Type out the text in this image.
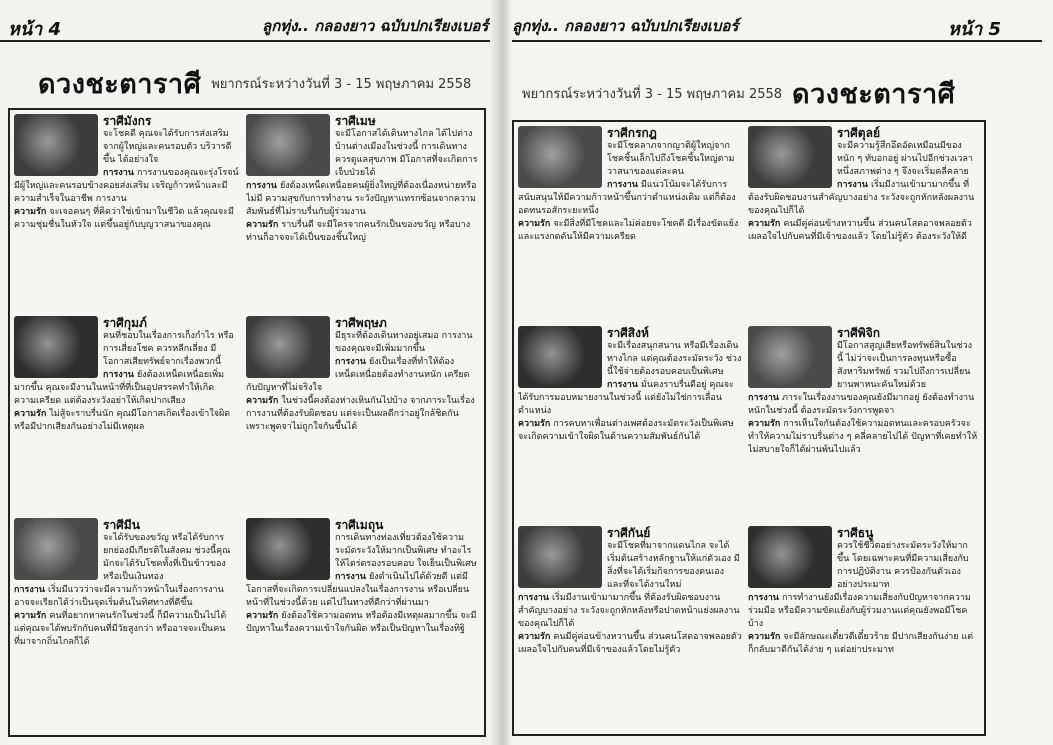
หน้า 4	ลูกทุ่ง.. กลองยาว ฉบับปกเรียงเบอร์
ดวงชะตาราศี พยากรณ์ระหว่างวันที่ 3 - 15 พฤษภาคม 2558
ราศีมังกร

จะโชคดี คุณจะได้รับการส่งเสริม จากผู้ใหญ่และคนรอบตัว บริวารดีขึ้น ได้อย่างใจ

การงาน การงานของคุณจะรุ่งโรจน์ มีผู้ใหญ่และคนรอบข้างคอยส่งเสริม เจริญก้าวหน้าและมีความสำเร็จในอาชีพ การงาน

ความรัก จะเจอคนๆ ที่คิดว่าใช่เข้ามาในชีวิต แล้วคุณจะมีความชุ่มชื่นในหัวใจ แต่ขึ้นอยู่กับบุญวาสนาของคุณ

ราศีเมษ

จะมีโอกาสได้เดินทางไกล ได้ไปต่างบ้านต่างเมืองในช่วงนี้ การเดินทางควรดูแลสุขภาพ มีโอกาสที่จะเกิดการเจ็บป่วยได้

การงาน ยังต้องเหน็ดเหนื่อยคนผู้ยิ่งใหญ่ที่ต้องเนื่องหน่ายหรือไม่มี ความสุขกับการทำงาน ระวังปัญหาแทรกซ้อนจากความสัมพันธ์ที่ไม่ราบรื่นกับผู้ร่วมงาน

ความรัก ราบรื่นดี จะมีใครจากคนรักเป็นของขวัญ หรือบางท่านก็อาจจะได้เป็นของชิ้นใหญ่

ราศีกุมภ์

คนที่ชอบในเรื่องการเก็งกำไร หรือการเสี่ยงโชค ควรหลีกเลี่ยง มีโอกาสเสียทรัพย์จากเรื่องพวกนี้

การงาน ยังต้องเหน็ดเหนื่อยเพิ่มมากขึ้น คุณจะมีงานในหน้าที่ที่เป็นอุปสรรคทำให้เกิดความเครียด แต่ต้องระวังอย่าให้เกิดปากเสียง

ความรัก ไม่สู้จะราบรื่นนัก คุณมีโอกาสเกิดเรื่องเข้าใจผิด หรือมีปากเสียงกันอย่างไม่มีเหตุผล

ราศีพฤษภ

มีธุระที่ต้องเดินทางอยู่เสมอ การงานของคุณจะมีเพิ่มมากขึ้น

การงาน ยังเป็นเรื่องที่ทำให้ต้องเหน็ดเหนื่อยต้องทำงานหนัก เครียดกับปัญหาที่ไม่จริงใจ

ความรัก ในช่วงนี้คงต้องห่างเหินกันไปบ้าง จากภาระในเรื่องการงานที่ต้องรับผิดชอบ แต่จะเป็นผลดีกว่าอยู่ใกล้ชิดกัน เพราะพูดจาไม่ถูกใจกันขึ้นได้

ราศีมีน

จะได้รับของขวัญ หรือได้รับการยกย่องมีเกียรติในสังคม ช่วงนี้คุณมักจะได้รับโชคทั้งที่เป็นข้าวของหรือเป็นเงินทอง

การงาน เริ่มมีแววว่าจะมีความก้าวหน้าในเรื่องการงาน อาจจะเรียกได้ว่าเป็นจุดเริ่มต้นในทิศทางที่ดีขึ้น

ความรัก คนที่อยากหาคนรักในช่วงนี้ ก็มีความเป็นไปได้ แต่คุณจะได้พบรักกับคนที่มีวัยสูงกว่า หรืออาจจะเป็นคนที่มาจากถิ่นไกลก็ได้

ราศีเมถุน

การเดินทางท่องเที่ยวต้องใช้ความระมัดระวังให้มากเป็นพิเศษ ทำอะไรให้ไตร่ตรองรอบคอบ ใจเย็นเป็นพิเศษ

การงาน ยังดำเนินไปได้ด้วยดี แต่มีโอกาสที่จะเกิดการเปลี่ยนแปลงในเรื่องการงาน หรือเปลี่ยนหน้าที่ในช่วงนี้ด้วย แต่ไปในทางที่ดีกว่าที่ผ่านมา

ความรัก ยังต้องใช้ความอดทน หรือต้องมีเหตุผลมากขึ้น จะมีปัญหาในเรื่องความเข้าใจกันผิด หรือเป็นปัญหาในเรื่องทิฐิ

ลูกทุ่ง.. กลองยาว ฉบับปกเรียงเบอร์	หน้า 5
พยากรณ์ระหว่างวันที่ 3 - 15 พฤษภาคม 2558 ดวงชะตาราศี
ราศีกรกฎ

จะมีโชคลาภจากญาติผู้ใหญ่จากโชคชิ้นเล็กไปถึงโชคชิ้นใหญ่ตามวาสนาของแต่ละคน

การงาน มีแนวโน้มจะได้รับการสนับสนุนให้มีความก้าวหน้าขึ้นกว่าตำแหน่งเดิม แต่ก็ต้องอดทนรอสักระยะหนึ่ง

ความรัก จะมีสิ่งที่มีโชคและไม่ค่อยจะโชคดี มีเรื่องขัดแย้งและแรงกดดันให้มีความเครียด

ราศีตุลย์

จะมีความรู้สึกอึดอัดเหมือนมีของหนัก ๆ ทับอกอยู่ ผ่านไปอีกช่วงเวลาหนึ่งสภาพต่าง ๆ จึงจะเริ่มคลี่คลาย

การงาน เริ่มมีงานเข้ามามากขึ้น ที่ต้องรับผิดชอบงานสำคัญบางอย่าง ระวังจะถูกหักหลังผลงานของคุณไปก็ได้

ความรัก คนมีคู่ค่อนข้างหวานขึ้น ส่วนคนโสดอาจพลอยตัวเผลอใจไปกับคนที่มีเจ้าของแล้ว โดยไม่รู้ตัว ต้องระวังให้ดี

ราศีสิงห์

จะมีเรื่องสนุกสนาน หรือมีเรื่องเดินทางไกล แต่คุณต้องระมัดระวัง ช่วงนี้ใช้จ่ายต้องรอบคอบเป็นพิเศษ

การงาน มั่นคงราบรื่นดีอยู่ คุณจะได้รับการมอบหมายงานในช่วงนี้ แต่ยังไม่ใช่การเลื่อนตำแหน่ง

ความรัก การคบหาเพื่อนต่างเพศต้องระมัดระวังเป็นพิเศษ จะเกิดความเข้าใจผิดในด้านความสัมพันธ์กันได้

ราศีพิจิก

มีโอกาสสูญเสียหรือทรัพย์สินในช่วงนี้ ไม่ว่าจะเป็นการลงทุนหรือซื้อสังหาริมทรัพย์ รวมไปถึงการเปลี่ยนยานพาหนะคันใหม่ด้วย

การงาน ภาระในเรื่องงานของคุณยังมีมากอยู่ ยังต้องทำงานหนักในช่วงนี้ ต้องระมัดระวังการพูดจา

ความรัก การเห็นใจกันต้องใช้ความอดทนและครอบครัวจะทำให้ความไม่ราบรื่นต่าง ๆ คลี่คลายไปได้ ปัญหาที่เคยทำให้ไม่สบายใจก็ได้ผ่านพ้นไปแล้ว

ราศีกันย์

จะมีโชคที่มาจากแดนไกล จะได้เริ่มต้นสร้างหลักฐานให้แก่ตัวเอง มีสิ่งที่จะได้เริ่มกิจการของตนเอง และที่จะได้งานใหม่

การงาน เริ่มมีงานเข้ามามากขึ้น ที่ต้องรับผิดชอบงานสำคัญบางอย่าง ระวังจะถูกหักหลังหรือปาดหน้าแย่งผลงานของคุณไปก็ได้

ความรัก คนมีคู่ค่อนข้างหวานขึ้น ส่วนคนโสดอาจพลอยตัวเผลอใจไปกับคนที่มีเจ้าของแล้วโดยไม่รู้ตัว

ราศีธนู

ควรใช้ชีวิตอย่างระมัดระวังให้มากขึ้น โดยเฉพาะคนที่มีความเสี่ยงกับการปฏิบัติงาน ควรป้องกันตัวเองอย่างประมาท

การงาน การทำงานยังมีเรื่องความเสี่ยงกับปัญหาจากความร่วมมือ หรือมีความขัดแย้งกับผู้ร่วมงานแต่คุณยังพอมีโชคบ้าง

ความรัก จะมีลักษณะเดี๋ยวดีเดี๋ยวร้าย มีปากเสียงกันง่าย แต่ก็กลับมาดีกันได้ง่าย ๆ แต่อย่าประมาท
